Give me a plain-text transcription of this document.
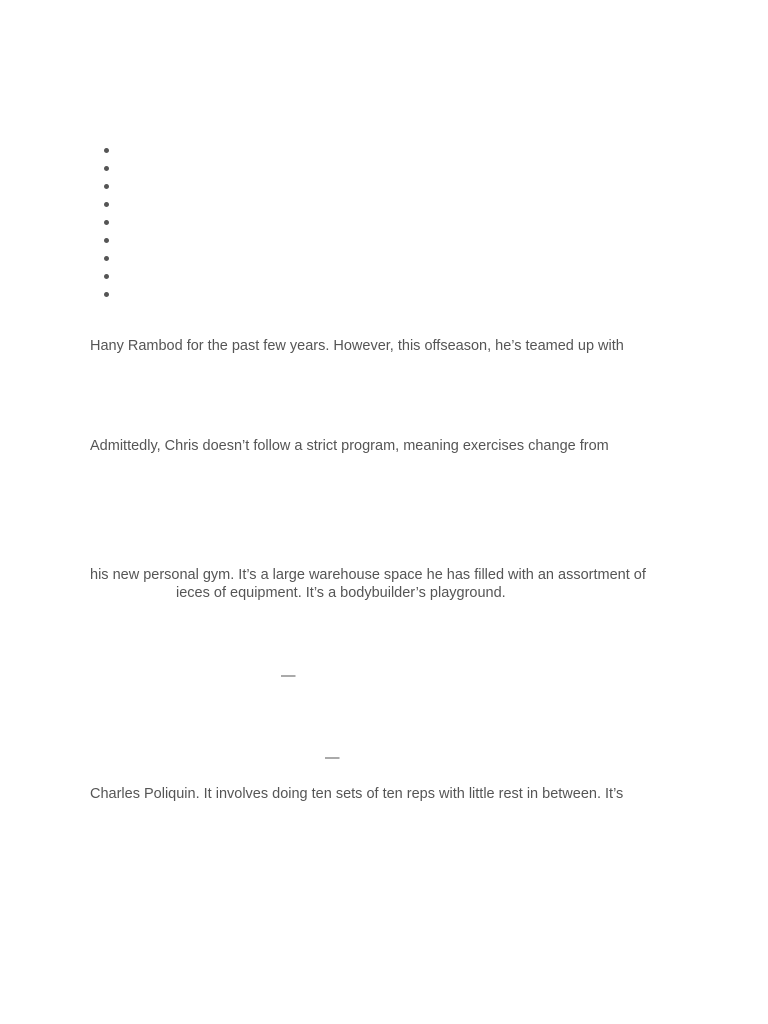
Hany Rambod for the past few years. However, this offseason, he’s teamed up with

Admittedly, Chris doesn’t follow a strict program, meaning exercises change from

his new personal gym. It’s a large warehouse space he has filled with an assortment of

ieces of equipment. It’s a bodybuilder’s playground.

—

—

Charles Poliquin. It involves doing ten sets of ten reps with little rest in between. It’s
